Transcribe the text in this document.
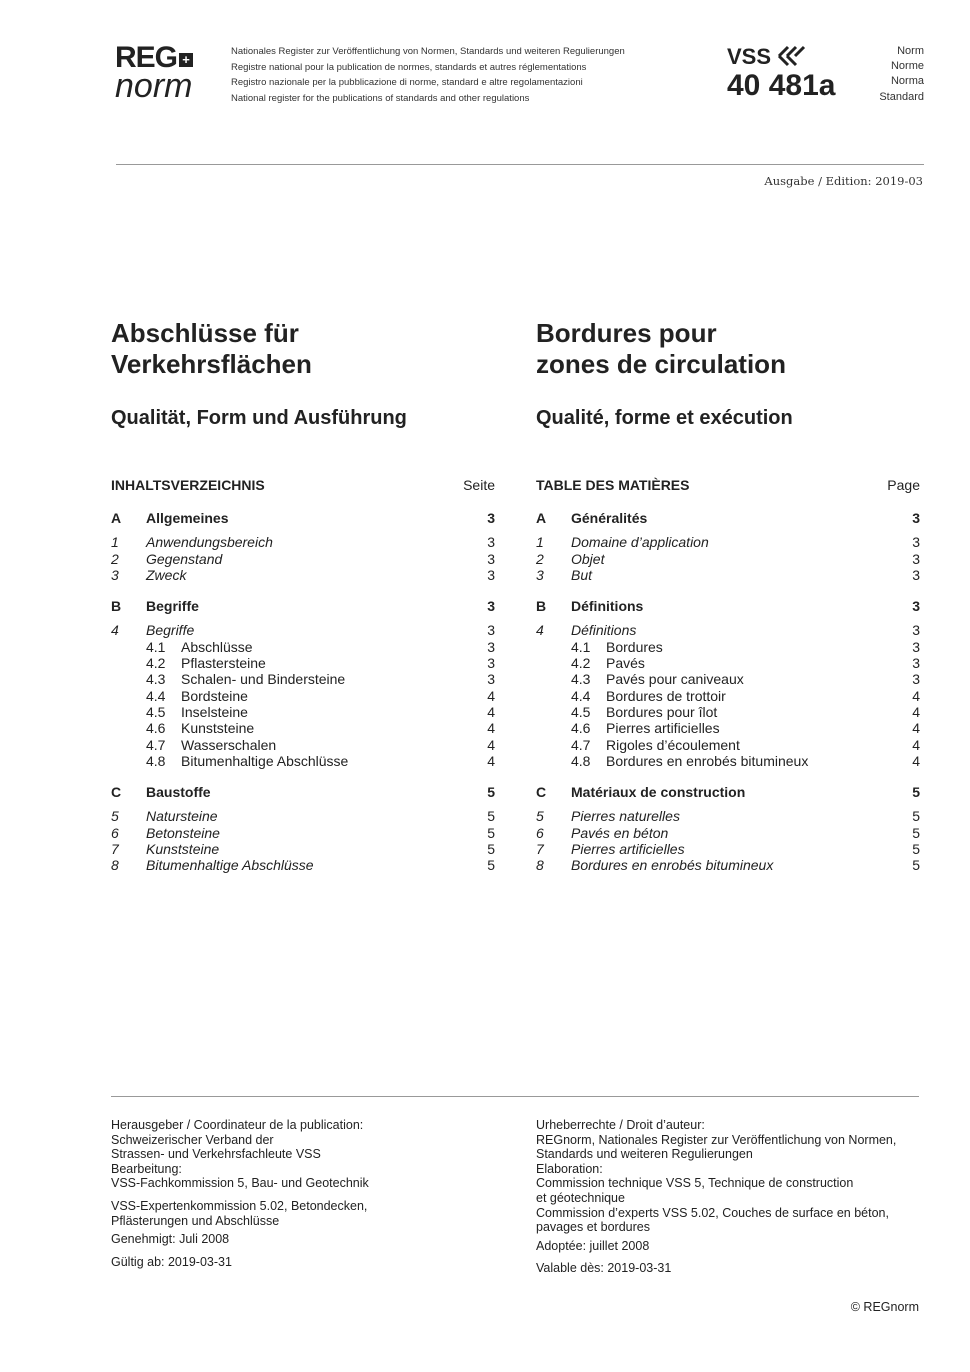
REG +
norm
Nationales Register zur Veröffentlichung von Normen, Standards und weiteren Regulierungen
Registre national pour la publication de normes, standards et autres réglementations
Registro nazionale per la pubblicazione di norme, standard e altre regolamentazioni
National register for the publications of standards and other regulations
VSS
40 481a
Norm
Norme
Norma
Standard
Ausgabe / Edition: 2019-03
Abschlüsse für
Verkehrsflächen
Qualität, Form und Ausführung
Bordures pour
zones de circulation
Qualité, forme et exécution
INHALTSVERZEICHNIS	Seite
A Allgemeines	3
1 Anwendungsbereich	3
2 Gegenstand	3
3 Zweck	3
B Begriffe	3
4 Begriffe	3
4.1 Abschlüsse	3
4.2 Pflastersteine	3
4.3 Schalen- und Bindersteine	3
4.4 Bordsteine	4
4.5 Inselsteine	4
4.6 Kunststeine	4
4.7 Wasserschalen	4
4.8 Bitumenhaltige Abschlüsse	4
C Baustoffe	5
5 Natursteine	5
6 Betonsteine	5
7 Kunststeine	5
8 Bitumenhaltige Abschlüsse	5
TABLE DES MATIÈRES	Page
A Généralités	3
1 Domaine d’application	3
2 Objet	3
3 But	3
B Définitions	3
4 Définitions	3
4.1 Bordures	3
4.2 Pavés	3
4.3 Pavés pour caniveaux	3
4.4 Bordures de trottoir	4
4.5 Bordures pour îlot	4
4.6 Pierres artificielles	4
4.7 Rigoles d’écoulement	4
4.8 Bordures en enrobés bitumineux	4
C Matériaux de construction	5
5 Pierres naturelles	5
6 Pavés en béton	5
7 Pierres artificielles	5
8 Bordures en enrobés bitumineux	5

Herausgeber / Coordinateur de la publication:

Schweizerischer Verband der

Strassen- und Verkehrsfachleute VSS

Bearbeitung:

VSS-Fachkommission 5, Bau- und Geotechnik

VSS-Expertenkommission 5.02, Betondecken,

Pflästerungen und Abschlüsse

Genehmigt: Juli 2008

Gültig ab: 2019-03-31

Urheberrechte / Droit d’auteur:

REGnorm, Nationales Register zur Veröffentlichung von Normen,

Standards und weiteren Regulierungen

Elaboration:

Commission technique VSS 5, Technique de construction

et géotechnique

Commission d’experts VSS 5.02, Couches de surface en béton,

pavages et bordures

Adoptée: juillet 2008

Valable dès: 2019-03-31

© REGnorm
